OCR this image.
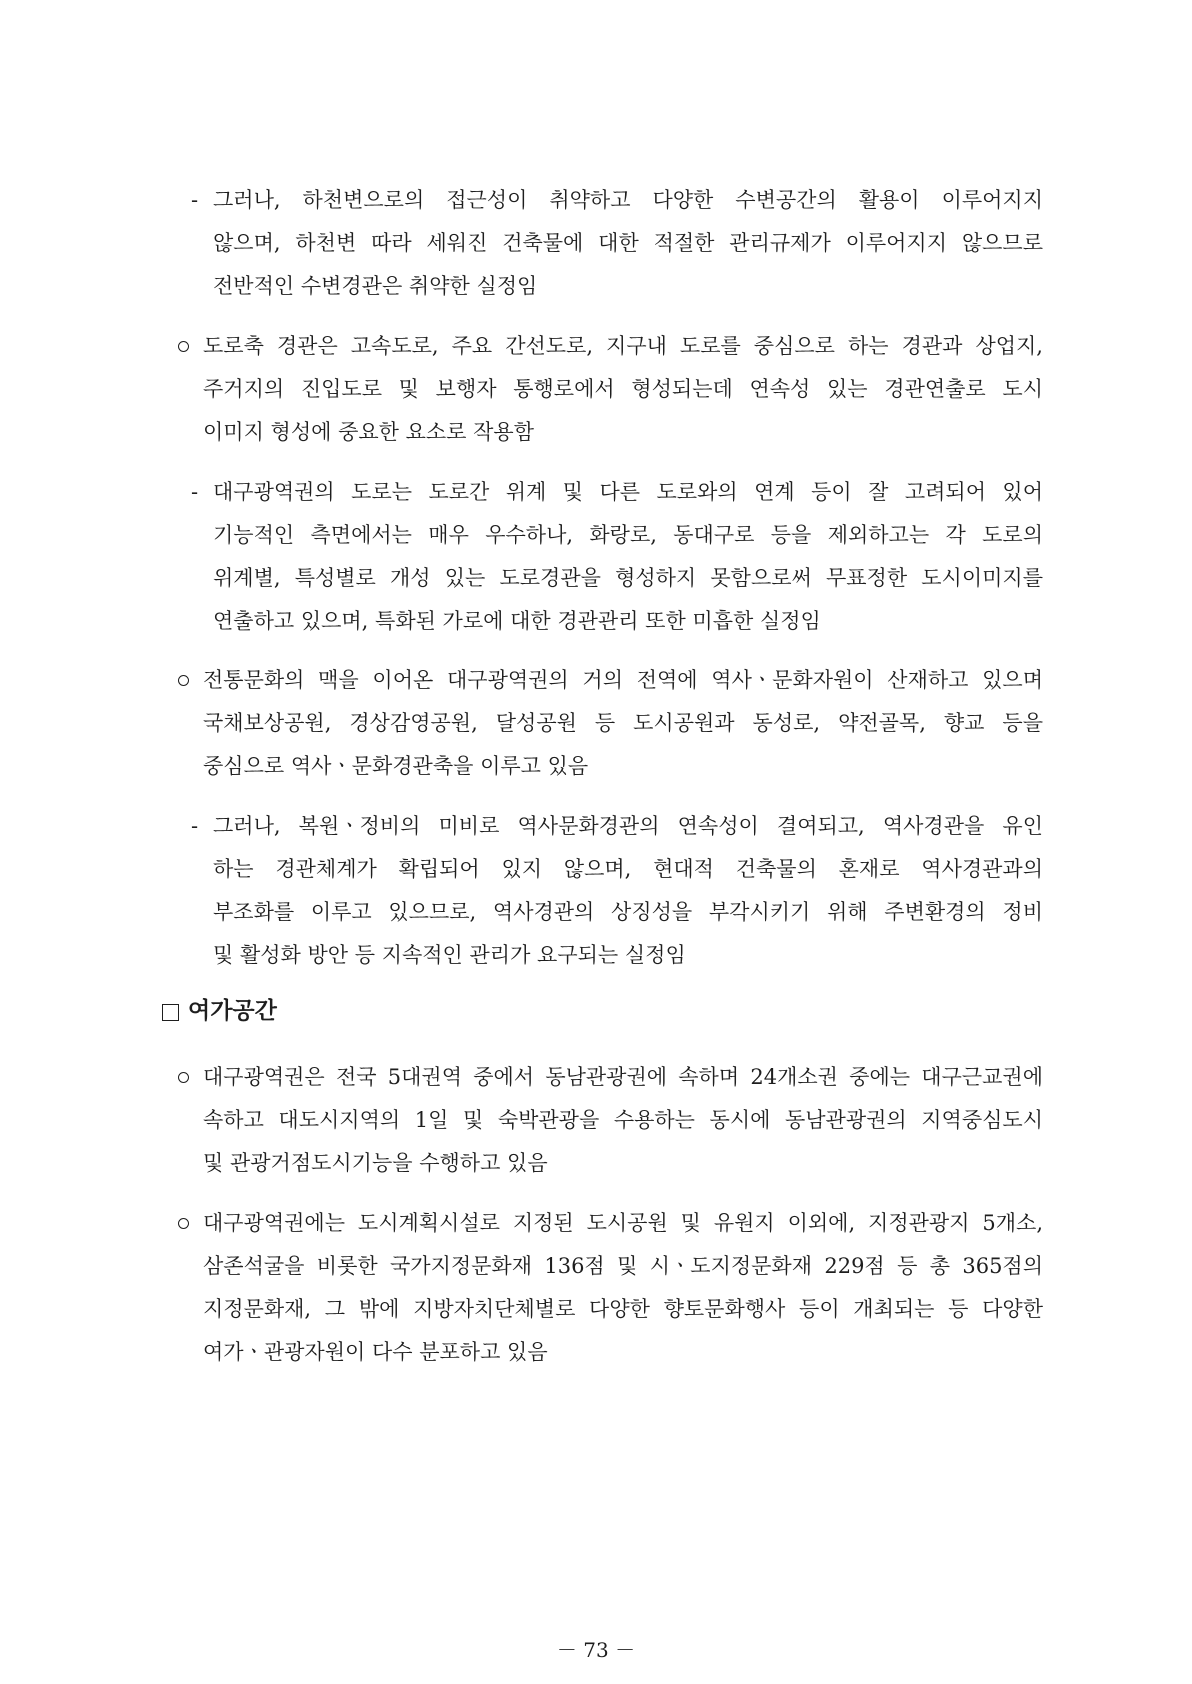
- 그러나, 하천변으로의 접근성이 취약하고 다양한 수변공간의 활용이 이루어지지
않으며, 하천변 따라 세워진 건축물에 대한 적절한 관리규제가 이루어지지 않으므로
전반적인 수변경관은 취약한 실정임
도로축 경관은 고속도로, 주요 간선도로, 지구내 도로를 중심으로 하는 경관과 상업지,
주거지의 진입도로 및 보행자 통행로에서 형성되는데 연속성 있는 경관연출로 도시
이미지 형성에 중요한 요소로 작용함
- 대구광역권의 도로는 도로간 위계 및 다른 도로와의 연계 등이 잘 고려되어 있어
기능적인 측면에서는 매우 우수하나, 화랑로, 동대구로 등을 제외하고는 각 도로의
위계별, 특성별로 개성 있는 도로경관을 형성하지 못함으로써 무표정한 도시이미지를
연출하고 있으며, 특화된 가로에 대한 경관관리 또한 미흡한 실정임
전통문화의 맥을 이어온 대구광역권의 거의 전역에 역사ㆍ문화자원이 산재하고 있으며
국채보상공원, 경상감영공원, 달성공원 등 도시공원과 동성로, 약전골목, 향교 등을
중심으로 역사ㆍ문화경관축을 이루고 있음
- 그러나, 복원ㆍ정비의 미비로 역사문화경관의 연속성이 결여되고, 역사경관을 유인
하는 경관체계가 확립되어 있지 않으며, 현대적 건축물의 혼재로 역사경관과의
부조화를 이루고 있으므로, 역사경관의 상징성을 부각시키기 위해 주변환경의 정비
및 활성화 방안 등 지속적인 관리가 요구되는 실정임
여가공간
대구광역권은 전국 5대권역 중에서 동남관광권에 속하며 24개소권 중에는 대구근교권에
속하고 대도시지역의 1일 및 숙박관광을 수용하는 동시에 동남관광권의 지역중심도시
및 관광거점도시기능을 수행하고 있음
대구광역권에는 도시계획시설로 지정된 도시공원 및 유원지 이외에, 지정관광지 5개소,
삼존석굴을 비롯한 국가지정문화재 136점 및 시ㆍ도지정문화재 229점 등 총 365점의
지정문화재, 그 밖에 지방자치단체별로 다양한 향토문화행사 등이 개최되는 등 다양한
여가ㆍ관광자원이 다수 분포하고 있음
－ 73 －
